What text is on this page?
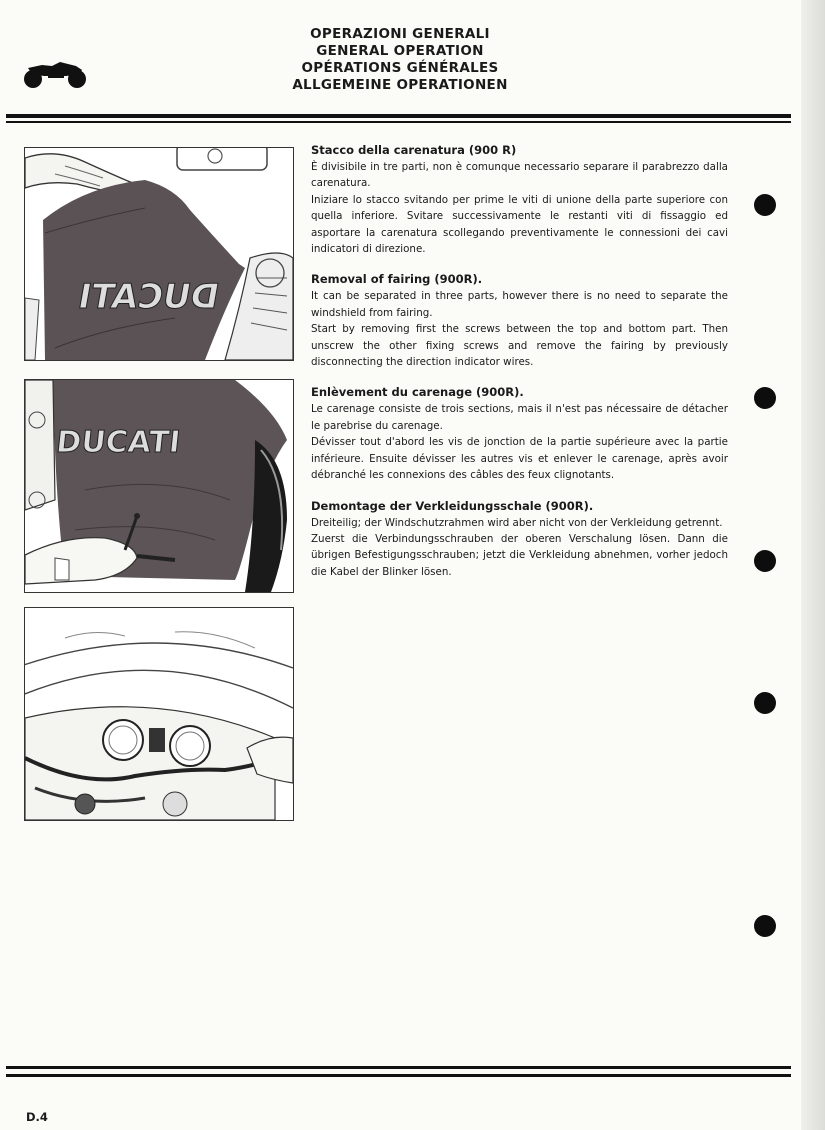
OPERAZIONI GENERALI
GENERAL OPERATION
OPÉRATIONS GÉNÉRALES
ALLGEMEINE OPERATIONEN
DUCATI
DUCATI
Stacco della carenatura (900 R)

È divisibile in tre parti, non è comunque necessario separare il parabrezzo dalla carenatura.

Iniziare lo stacco svitando per prime le viti di unione della parte superiore con quella inferiore. Svitare successivamente le restanti viti di fissaggio ed asportare la carenatura scollegando preventivamente le connessioni dei cavi indicatori di direzione.

Removal of fairing (900R).

It can be separated in three parts, however there is no need to separate the windshield from fairing.

Start by removing first the screws between the top and bottom part. Then unscrew the other fixing screws and remove the fairing by previously disconnecting the direction indicator wires.

Enlèvement du carenage (900R).

Le carenage consiste de trois sections, mais il n'est pas nécessaire de détacher le parebrise du carenage.

Dévisser tout d'abord les vis de jonction de la partie supérieure avec la partie inférieure. Ensuite dévisser les autres vis et enlever le carenage, après avoir débranché les connexions des câbles des feux clignotants.

Demontage der Verkleidungsschale (900R).

Dreiteilig; der Windschutzrahmen wird aber nicht von der Verkleidung getrennt.

Zuerst die Verbindungsschrauben der oberen Verschalung lösen. Dann die übrigen Befestigungsschrauben; jetzt die Verkleidung abnehmen, vorher jedoch die Kabel der Blinker lösen.

D.4
